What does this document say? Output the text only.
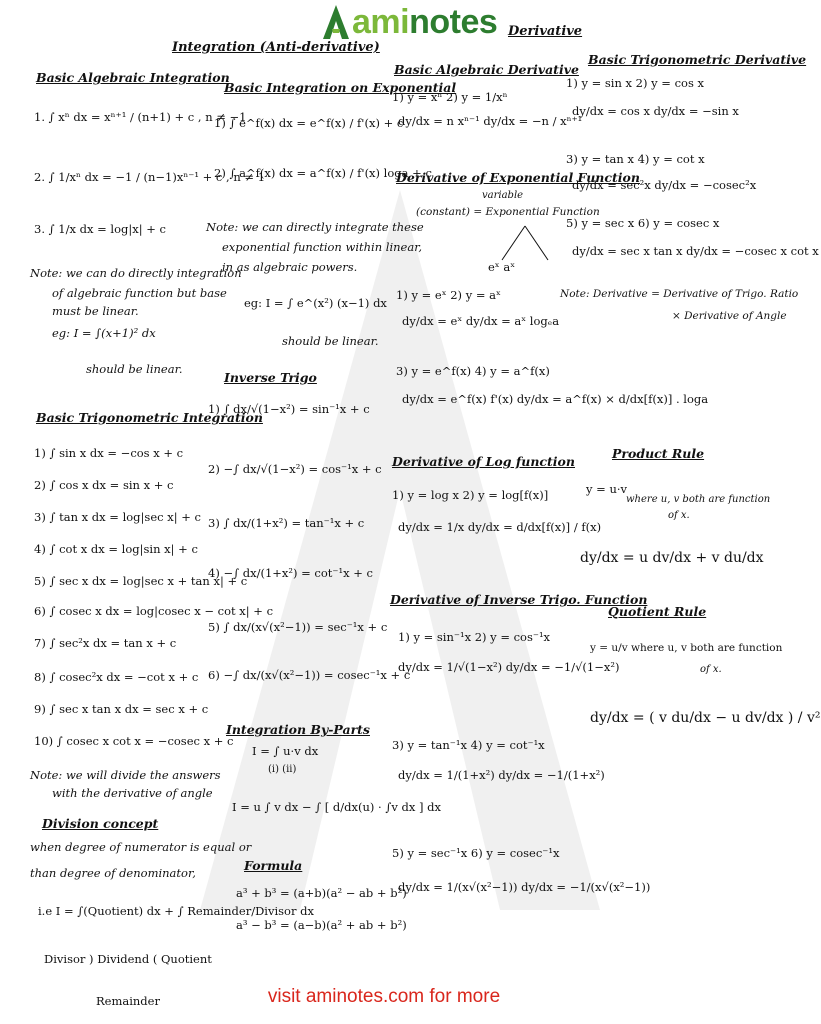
a mi notes
Integration (Anti-derivative)
Derivative
Basic Algebraic Integration
1. ∫ xⁿ dx = xⁿ⁺¹ / (n+1) + c , n ≠ −1
2. ∫ 1/xⁿ dx = −1 / (n−1)xⁿ⁻¹ + c , n ≠ 1
3. ∫ 1/x dx = log|x| + c
Note: we can do directly integration
of algebraic function but base
must be linear.
eg: I = ∫(x+1)² dx
should be linear.
Basic Trigonometric Integration
1) ∫ sin x dx = −cos x + c
2) ∫ cos x dx = sin x + c
3) ∫ tan x dx = log|sec x| + c
4) ∫ cot x dx = log|sin x| + c
5) ∫ sec x dx = log|sec x + tan x| + c
6) ∫ cosec x dx = log|cosec x − cot x| + c
7) ∫ sec²x dx = tan x + c
8) ∫ cosec²x dx = −cot x + c
9) ∫ sec x tan x dx = sec x + c
10) ∫ cosec x cot x = −cosec x + c
Note: we will divide the answers
with the derivative of angle
Division concept
when degree of numerator is equal or
than degree of denominator,
i.e I = ∫(Quotient) dx + ∫ Remainder/Divisor dx
Divisor ) Dividend ( Quotient
Remainder
Basic Integration on Exponential
1) ∫ e^f(x) dx = e^f(x) / f'(x) + c
2) ∫ a^f(x) dx = a^f(x) / f'(x) loga + c
Note: we can directly integrate these
exponential function within linear,
in as algebraic powers.
eg: I = ∫ e^(x²) (x−1) dx
should be linear.
Inverse Trigo
1) ∫ dx/√(1−x²) = sin⁻¹x + c
2) −∫ dx/√(1−x²) = cos⁻¹x + c
3) ∫ dx/(1+x²) = tan⁻¹x + c
4) −∫ dx/(1+x²) = cot⁻¹x + c
5) ∫ dx/(x√(x²−1)) = sec⁻¹x + c
6) −∫ dx/(x√(x²−1)) = cosec⁻¹x + c
Integration By-Parts
I = ∫ u·v dx
(i) (ii)
I = u ∫ v dx − ∫ [ d/dx(u) · ∫v dx ] dx
Formula
a³ + b³ = (a+b)(a² − ab + b²)
a³ − b³ = (a−b)(a² + ab + b²)
Basic Algebraic Derivative
1) y = xⁿ 2) y = 1/xⁿ
dy/dx = n xⁿ⁻¹ dy/dx = −n / xⁿ⁺¹
Derivative of Exponential Function
variable
(constant) = Exponential Function
eˣ aˣ
1) y = eˣ 2) y = aˣ
dy/dx = eˣ dy/dx = aˣ logₑa
3) y = e^f(x) 4) y = a^f(x)
dy/dx = e^f(x) f'(x) dy/dx = a^f(x) × d/dx[f(x)] . loga
Derivative of Log function
1) y = log x 2) y = log[f(x)]
dy/dx = 1/x dy/dx = d/dx[f(x)] / f(x)
Derivative of Inverse Trigo. Function
1) y = sin⁻¹x 2) y = cos⁻¹x
dy/dx = 1/√(1−x²) dy/dx = −1/√(1−x²)
3) y = tan⁻¹x 4) y = cot⁻¹x
dy/dx = 1/(1+x²) dy/dx = −1/(1+x²)
5) y = sec⁻¹x 6) y = cosec⁻¹x
dy/dx = 1/(x√(x²−1)) dy/dx = −1/(x√(x²−1))
Basic Trigonometric Derivative
1) y = sin x 2) y = cos x
dy/dx = cos x dy/dx = −sin x
3) y = tan x 4) y = cot x
dy/dx = sec²x dy/dx = −cosec²x
5) y = sec x 6) y = cosec x
dy/dx = sec x tan x dy/dx = −cosec x cot x
Note: Derivative = Derivative of Trigo. Ratio
× Derivative of Angle
Product Rule
y = u·v
where u, v both are function
of x.
dy/dx = u dv/dx + v du/dx
Quotient Rule
y = u/v where u, v both are function
of x.
dy/dx = ( v du/dx − u dv/dx ) / v²
visit aminotes.com for more
